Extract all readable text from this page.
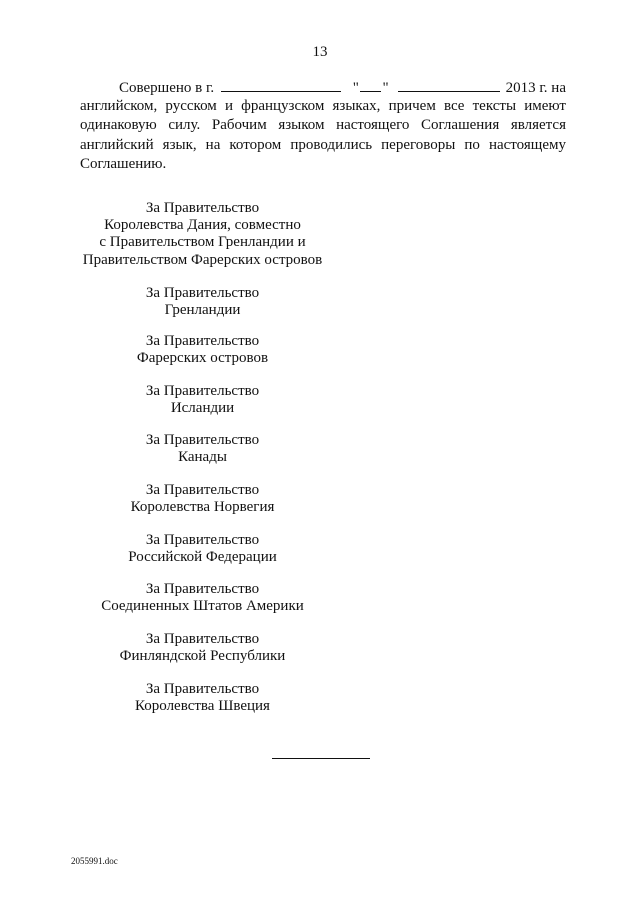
13
Совершено в г.	" "	2013 г. на
английском, русском и французском языках, причем все тексты имеют
одинаковую силу. Рабочим языком настоящего Соглашения является
английский язык, на котором проводились переговоры по настоящему
Соглашению.
За Правительство
Королевства Дания, совместно
с Правительством Гренландии и
Правительством Фарерских островов
За Правительство
Гренландии
За Правительство
Фарерских островов
За Правительство
Исландии
За Правительство
Канады
За Правительство
Королевства Норвегия
За Правительство
Российской Федерации
За Правительство
Соединенных Штатов Америки
За Правительство
Финляндской Республики
За Правительство
Королевства Швеция
2055991.doc
